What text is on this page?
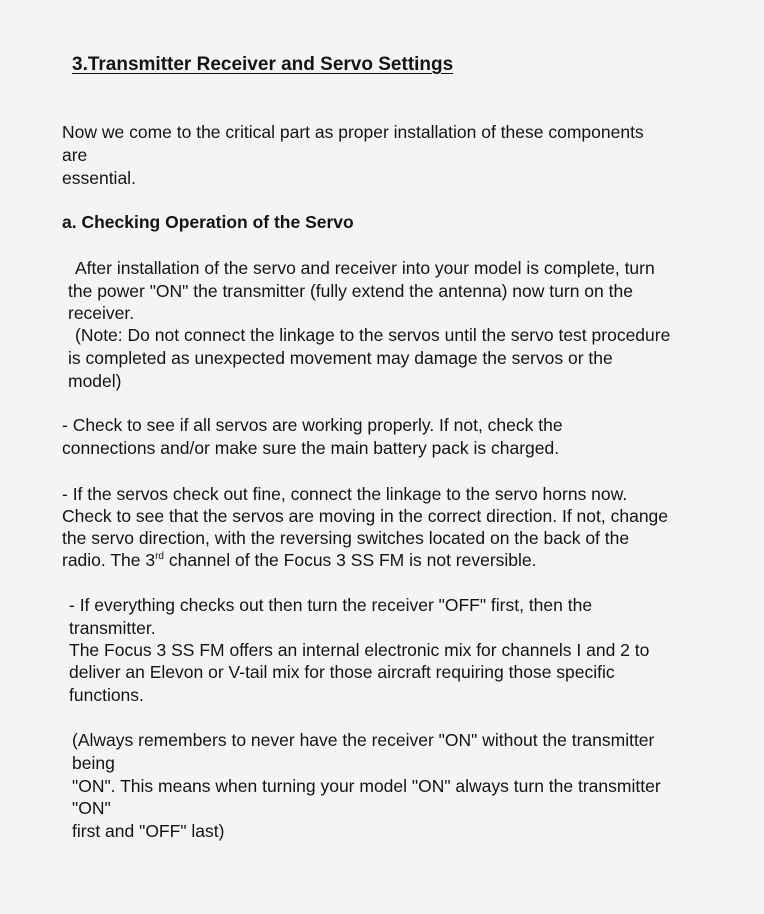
3.Transmitter Receiver and Servo Settings
Now we come to the critical part as proper installation of these components
are
essential.
a. Checking Operation of the Servo
After installation of the servo and receiver into your model is complete, turn
the power "ON" the transmitter (fully extend the antenna) now turn on the
receiver.
(Note: Do not connect the linkage to the servos until the servo test procedure
is completed as unexpected movement may damage the servos or the
model)
- Check to see if all servos are working properly. If not, check the
connections and/or make sure the main battery pack is charged.
- If the servos check out fine, connect the linkage to the servo horns now.
Check to see that the servos are moving in the correct direction. If not, change
the servo direction, with the reversing switches located on the back of the
radio. The 3rd channel of the Focus 3 SS FM is not reversible.
- If everything checks out then turn the receiver "OFF" first, then the
transmitter.
The Focus 3 SS FM offers an internal electronic mix for channels I and 2 to
deliver an Elevon or V-tail mix for those aircraft requiring those specific
functions.
(Always remembers to never have the receiver "ON" without the transmitter
being
"ON". This means when turning your model "ON" always turn the transmitter
"ON"
first and "OFF" last)
